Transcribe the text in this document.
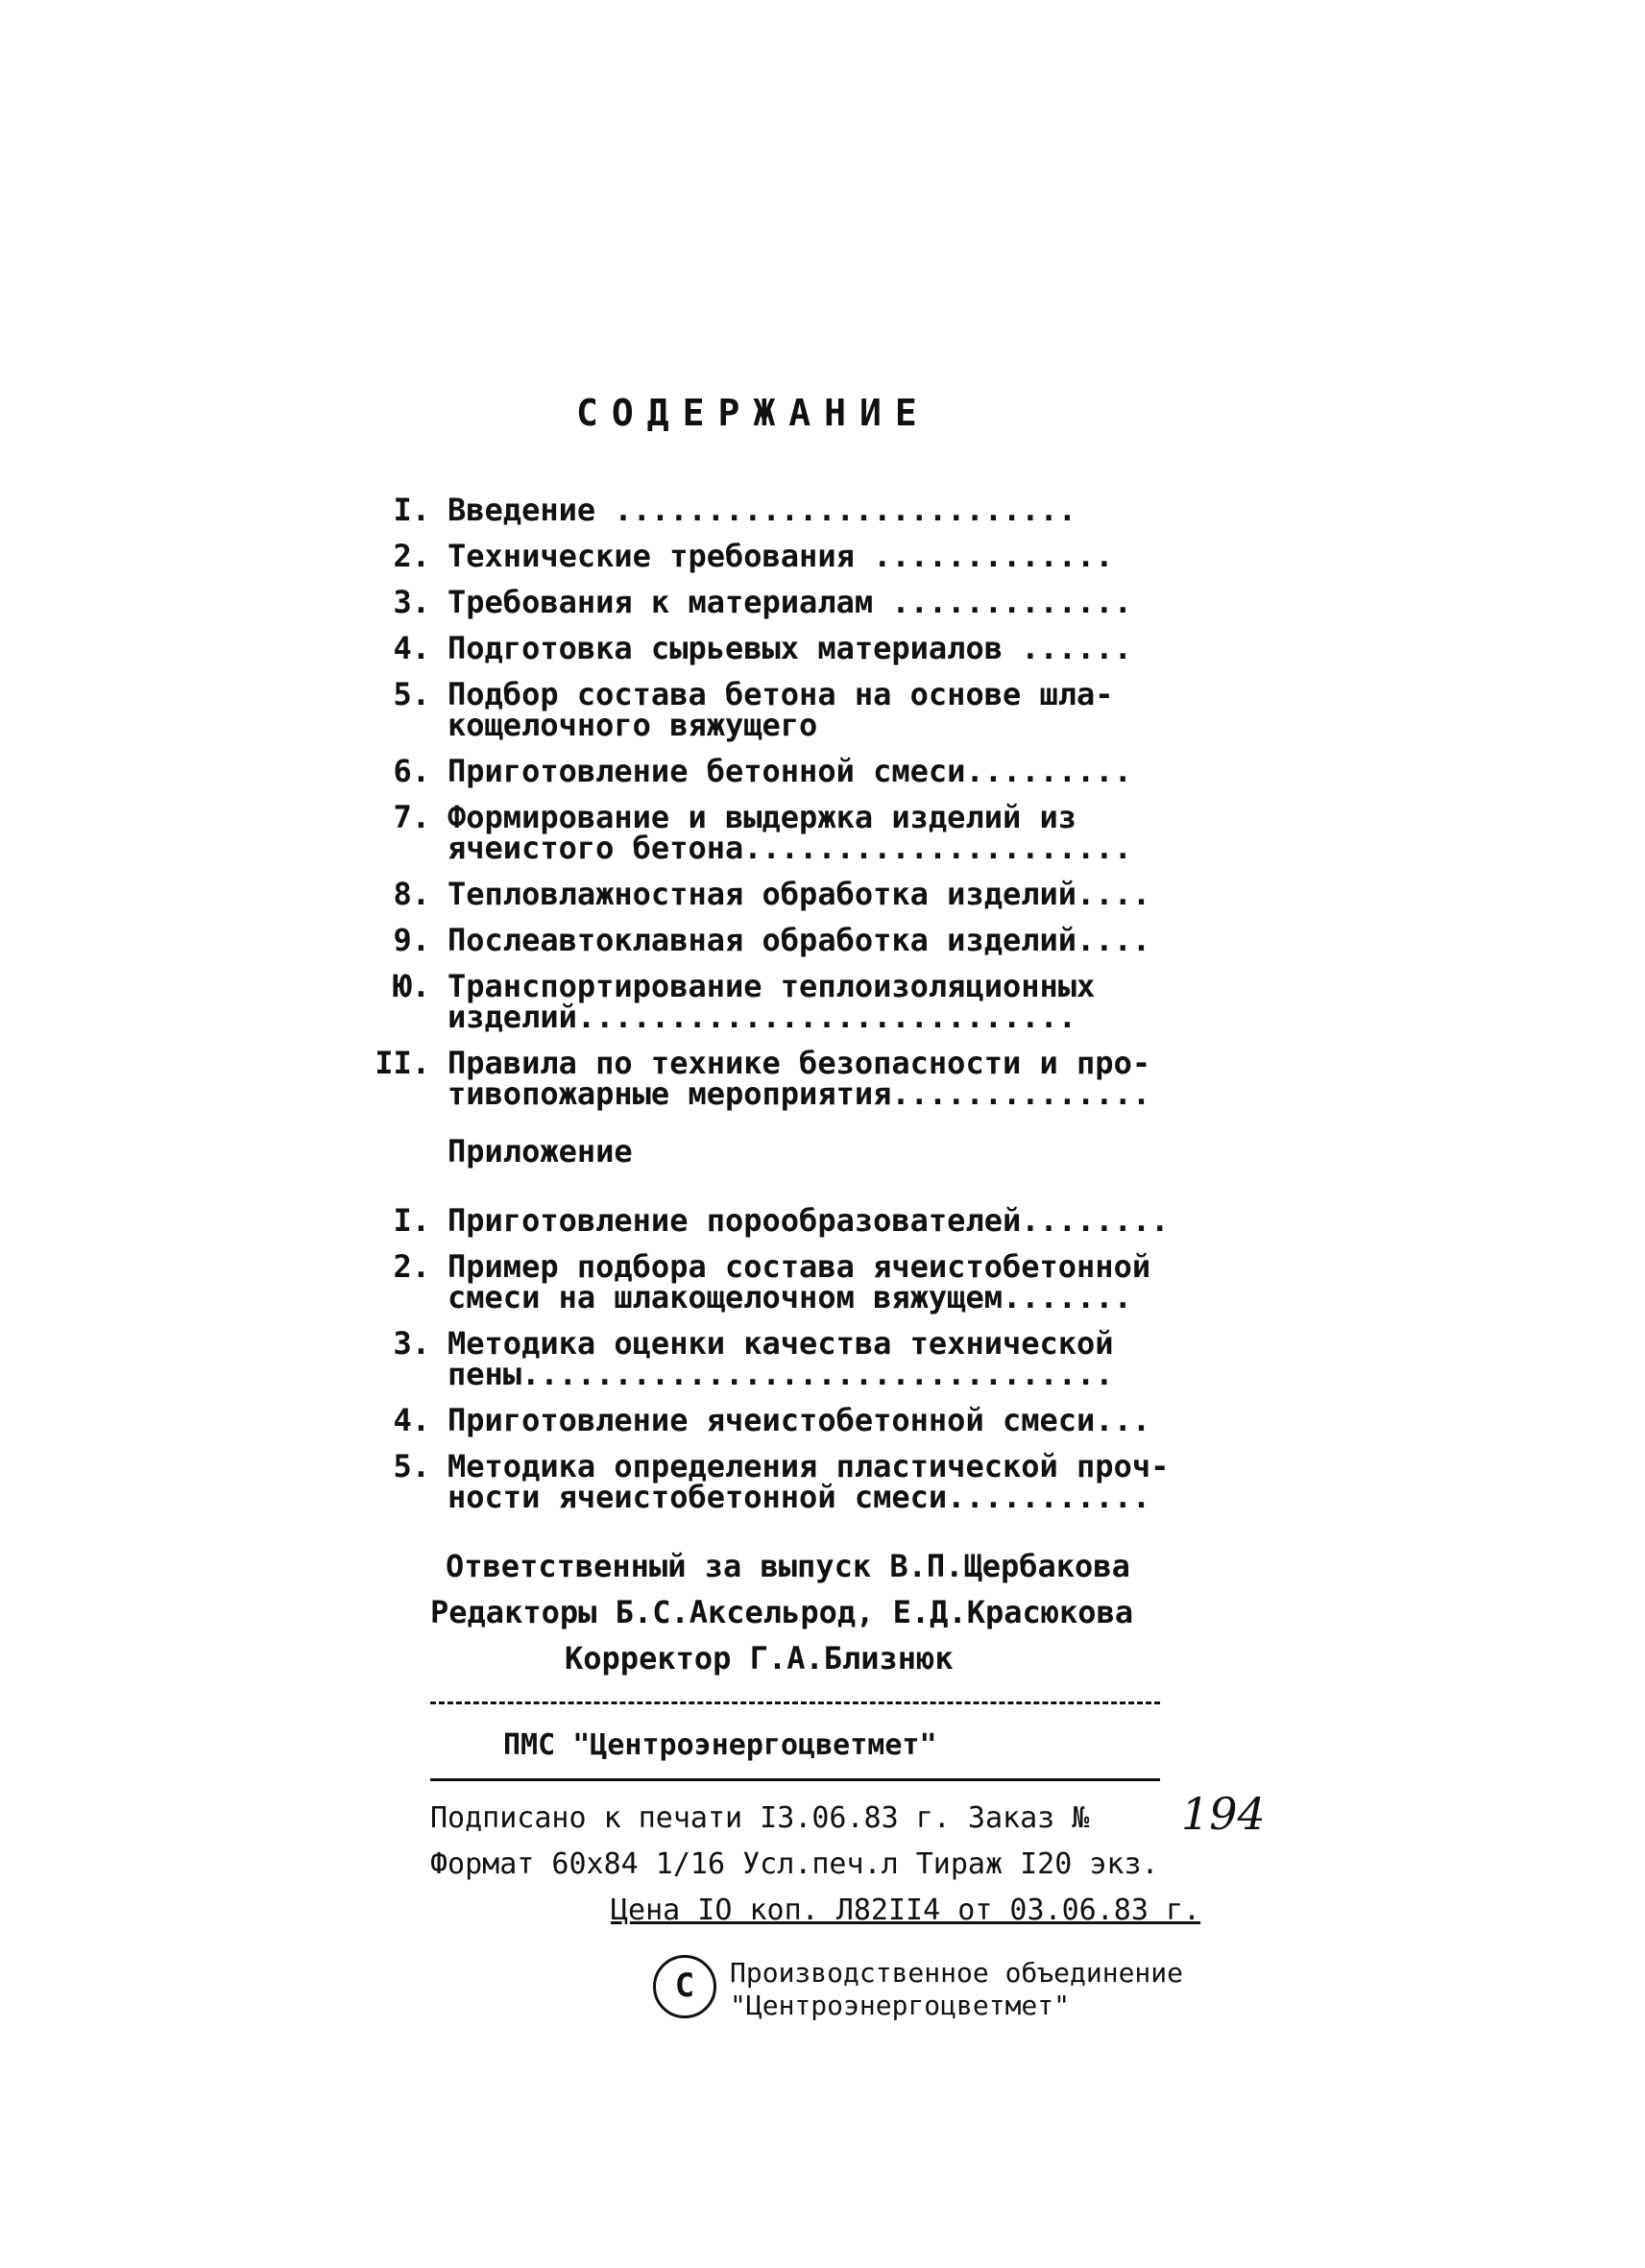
СОДЕРЖАНИЕ
I. Введение .........................
2. Технические требования .............
3. Требования к материалам .............
4. Подготовка сырьевых материалов ......
5. Подбор состава бетона на основе шла-
кощелочного вяжущего
6. Приготовление бетонной смеси.........
7. Формирование и выдержка изделий из
ячеистого бетона.....................
8. Тепловлажностная обработка изделий....
9. Послеавтоклавная обработка изделий....
Ю. Транспортирование теплоизоляционных
изделий...........................
II. Правила по технике безопасности и про-
тивопожарные мероприятия..............
Приложение
I. Приготовление порообразователей........
2. Пример подбора состава ячеистобетонной
смеси на шлакощелочном вяжущем.......
3. Методика оценки качества технической
пены................................
4. Приготовление ячеистобетонной смеси...
5. Методика определения пластической проч-
ности ячеистобетонной смеси...........
Ответственный за выпуск В.П.Щербакова
Редакторы Б.С.Аксельрод, Е.Д.Красюкова
Корректор Г.А.Близнюк
ПМС "Центроэнергоцветмет"
Подписано к печати I3.06.83 г. Заказ № 194
Формат 60х84 1/16 Усл.печ.л Тираж I20 экз.
Цена IO коп. Л82II4 от 03.06.83 г.
C	Производственное объединение
"Центроэнергоцветмет"
